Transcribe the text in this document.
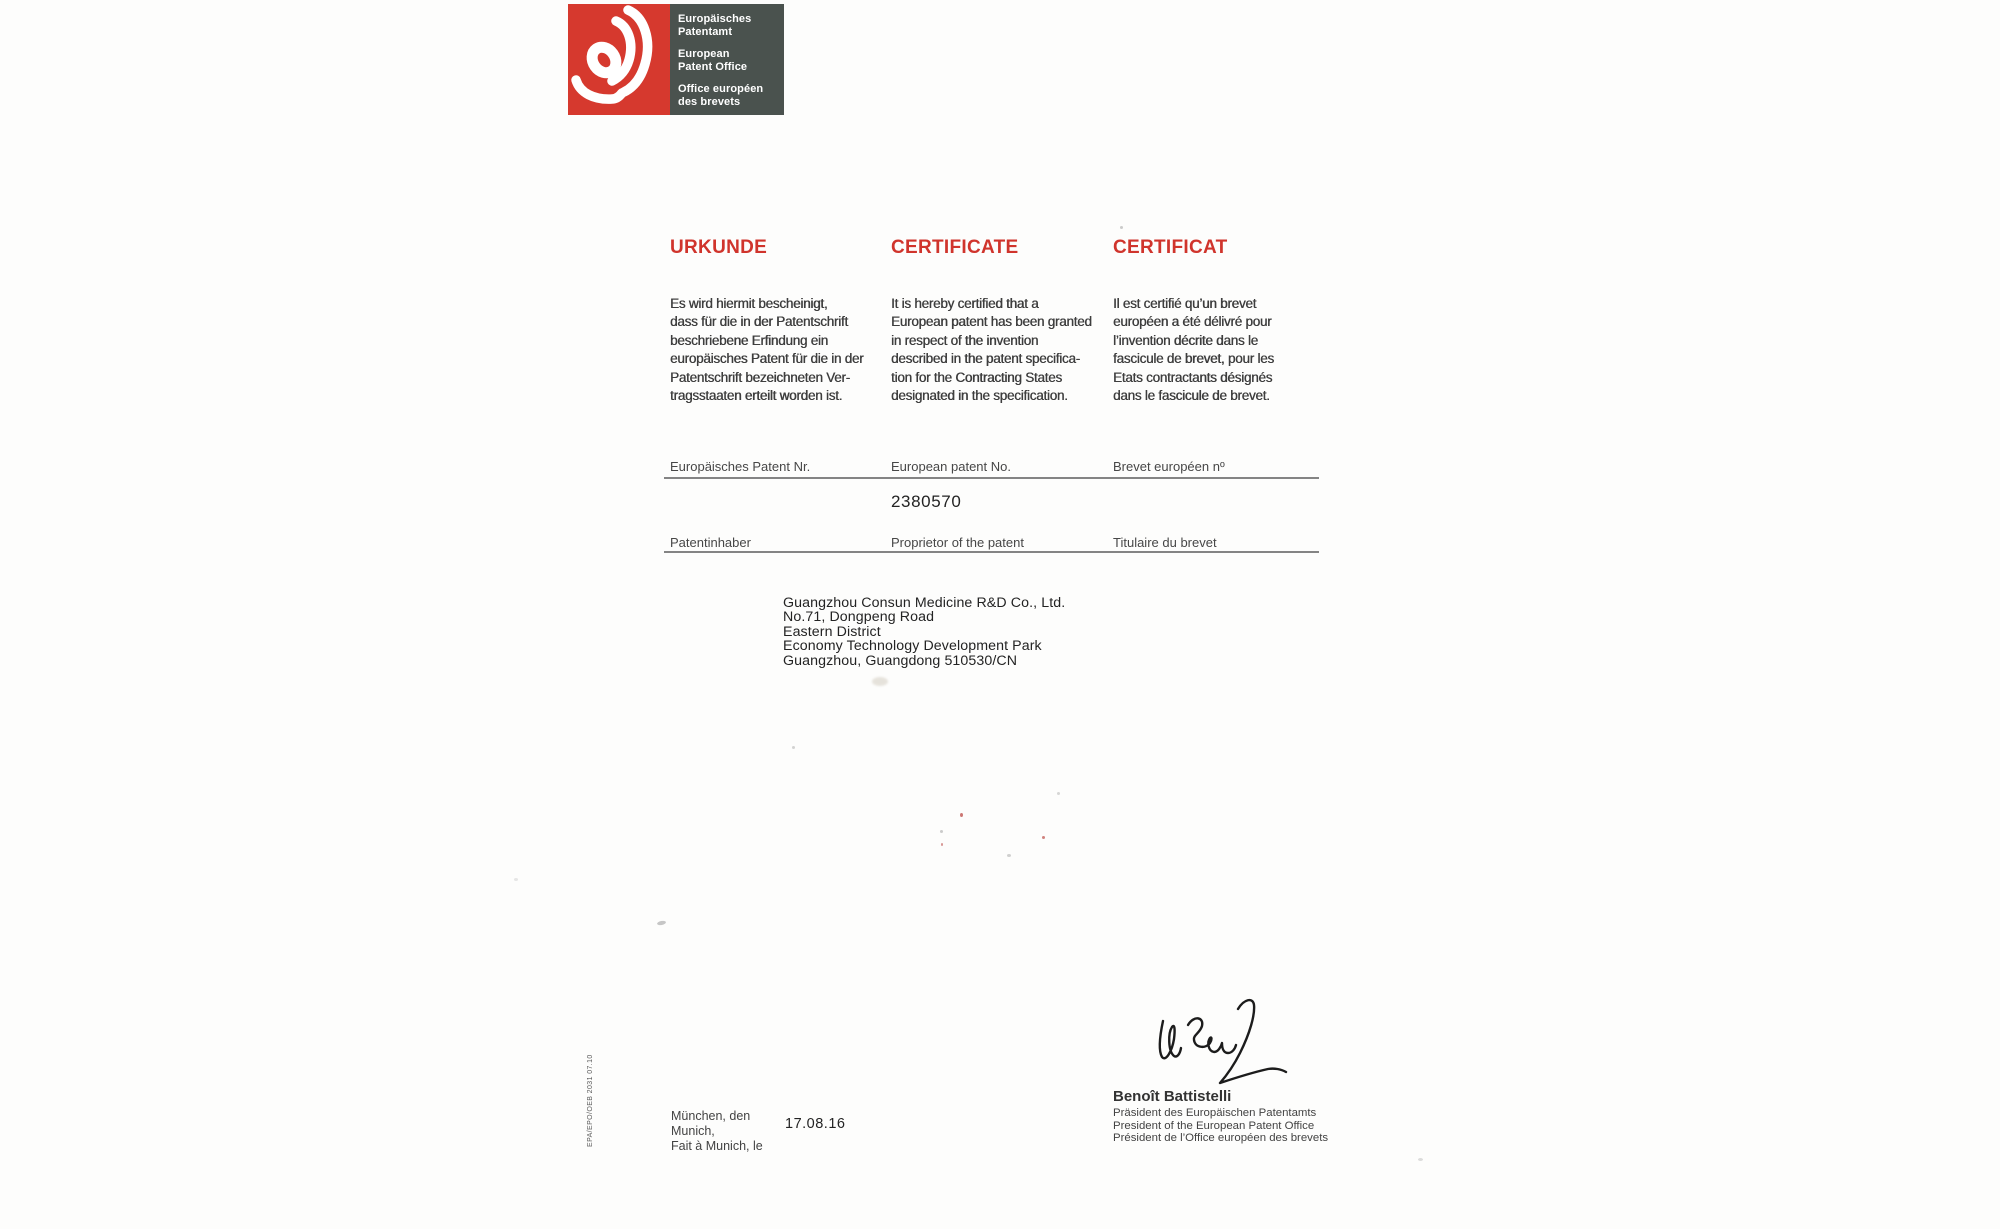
Europäisches
Patentamt
European
Patent Office
Office européen
des brevets
URKUNDE	CERTIFICATE	CERTIFICAT
Es wird hiermit bescheinigt,
dass für die in der Patentschrift
beschriebene Erfindung ein
europäisches Patent für die in der
Patentschrift bezeichneten Ver-
tragsstaaten erteilt worden ist.
It is hereby certified that a
European patent has been granted
in respect of the invention
described in the patent specifica-
tion for the Contracting States
designated in the specification.
Il est certifié qu’un brevet
européen a été délivré pour
l’invention décrite dans le
fascicule de brevet, pour les
Etats contractants désignés
dans le fascicule de brevet.
Europäisches Patent Nr.	European patent No.	Brevet européen nº
2380570
Patentinhaber	Proprietor of the patent	Titulaire du brevet
Guangzhou Consun Medicine R&D Co., Ltd.
No.71, Dongpeng Road
Eastern District
Economy Technology Development Park
Guangzhou, Guangdong 510530/CN
Benoît Battistelli
Präsident des Europäischen Patentamts
President of the European Patent Office
Président de l’Office européen des brevets
München, den
Munich,
Fait à Munich, le
17.08.16
EPA/EPO/OEB 2031 07.10
